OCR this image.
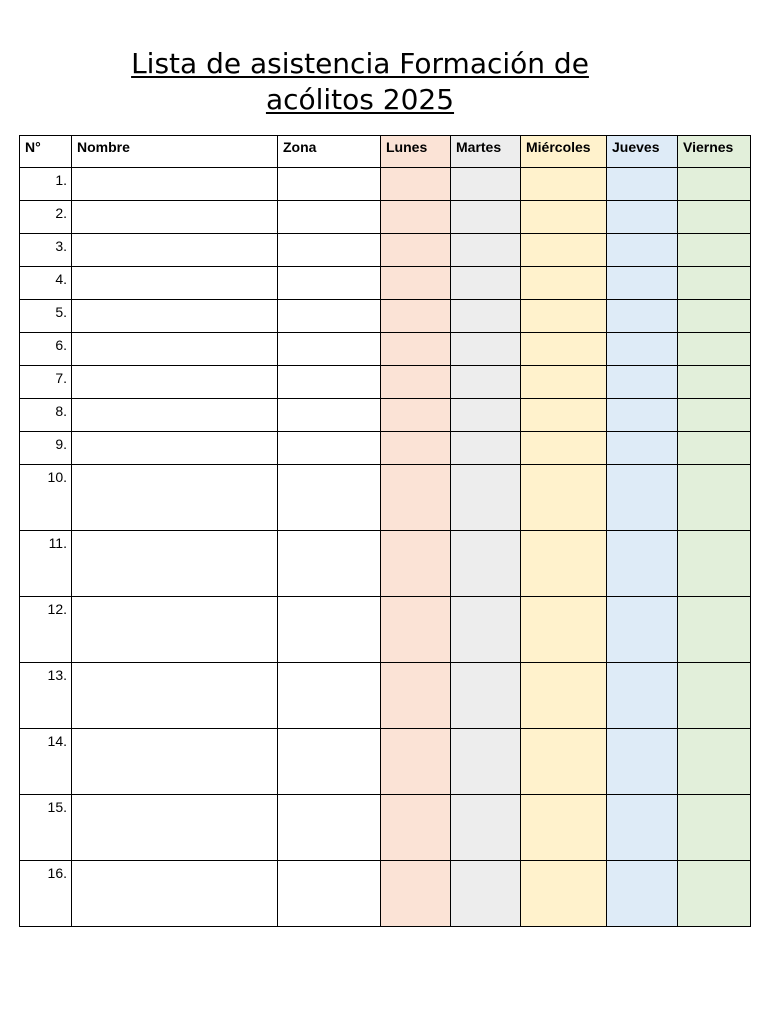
Lista de asistencia Formación de
acólitos 2025
N°	Nombre	Zona	Lunes	Martes	Miércoles	Jueves	Viernes
1.							
2.							
3.							
4.							
5.							
6.							
7.							
8.							
9.							
10.							
11.							
12.							
13.							
14.							
15.							
16.							
